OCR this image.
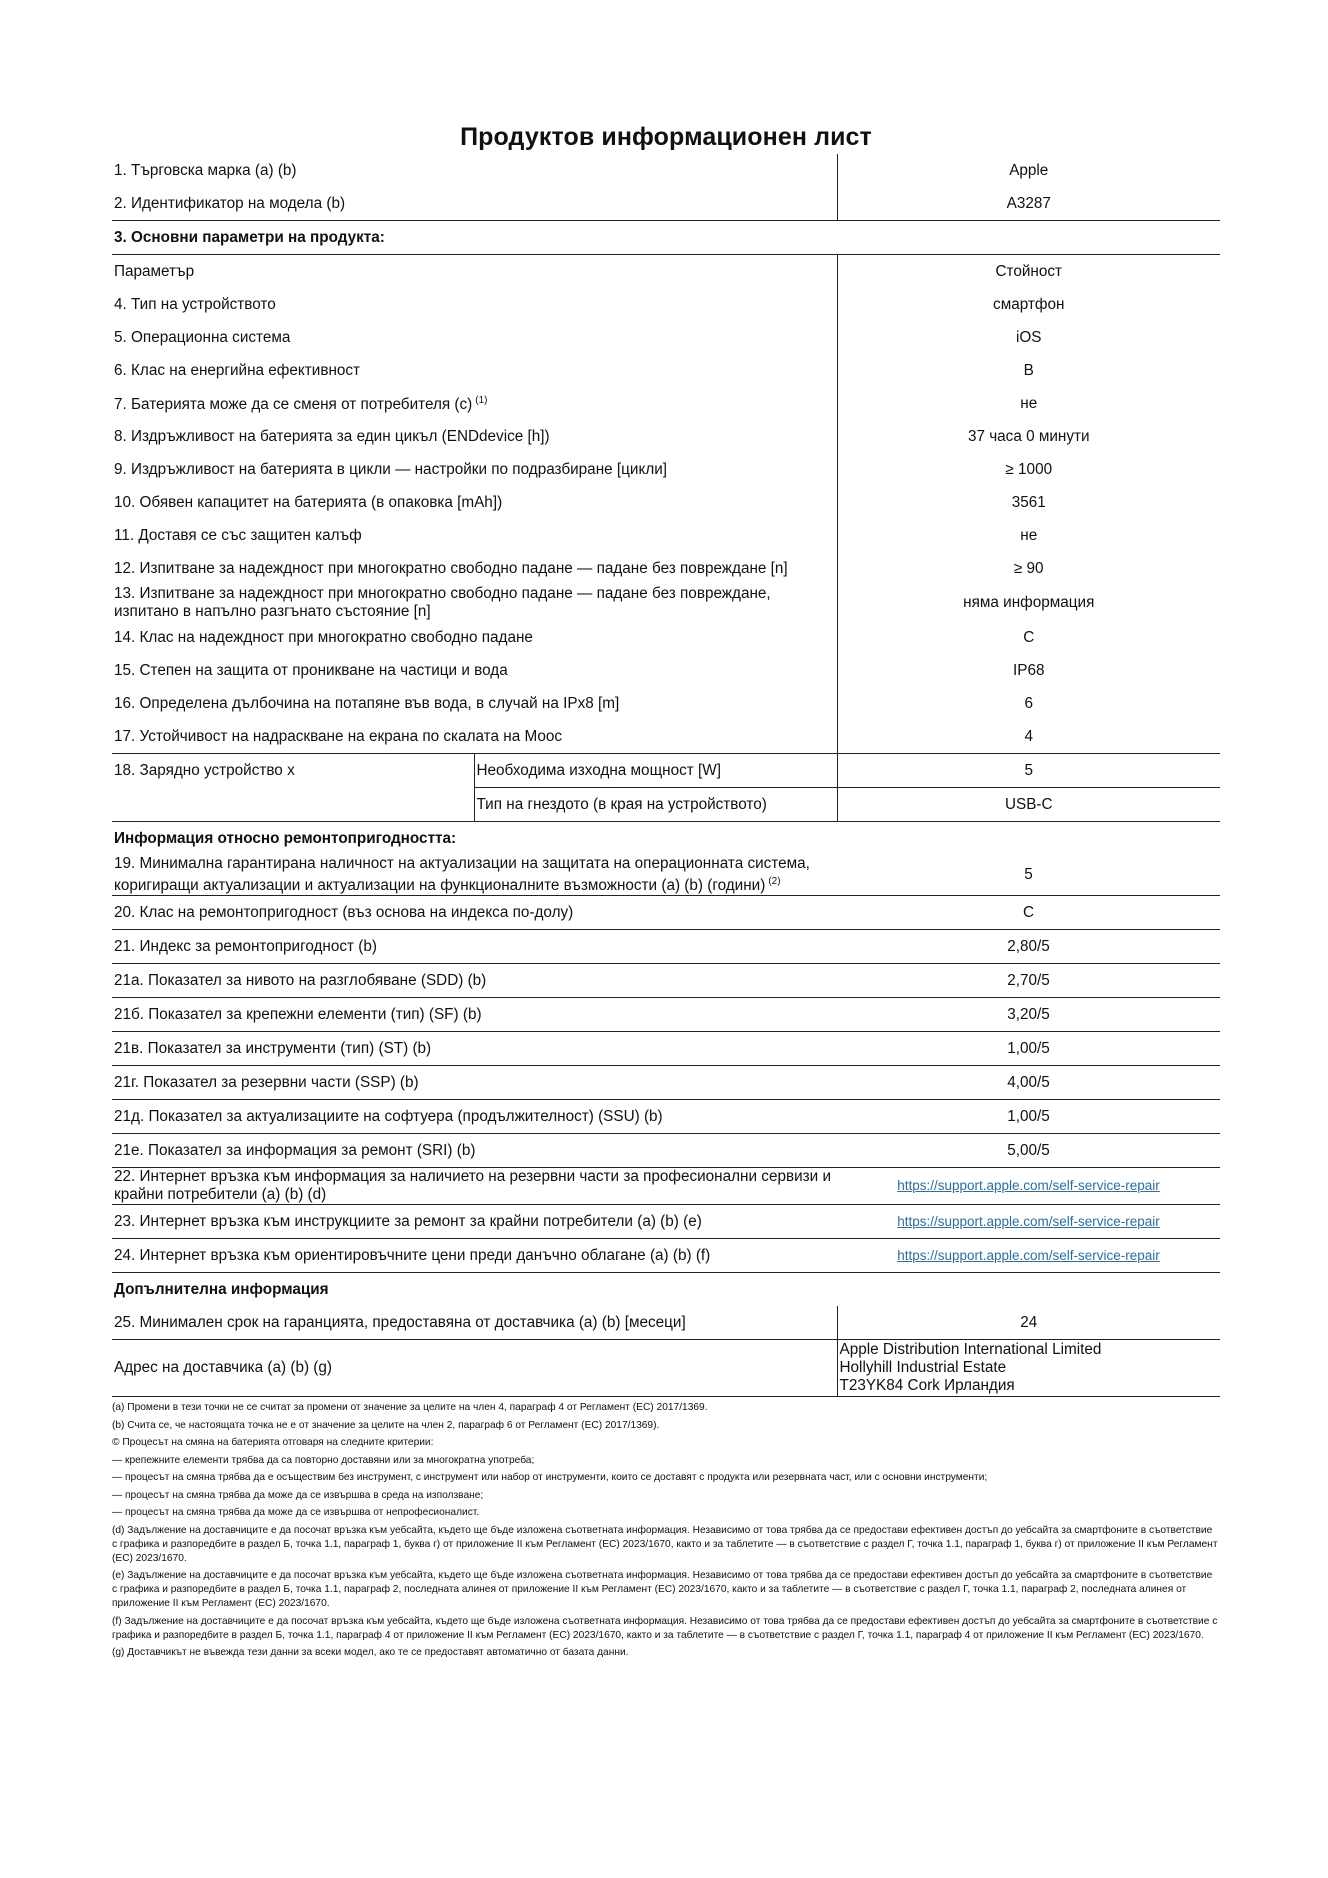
Продуктов информационен лист
1. Търговска марка (a) (b)		Apple
2. Идентификатор на модела (b)		A3287
3. Основни параметри на продукта:		
Параметър		Стойност
4. Тип на устройството		смартфон
5. Операционна система		iOS
6. Клас на енергийна ефективност		B
7. Батерията може да се сменя от потребителя (c) $^{(1)}$		не
8. Издръжливост на батерията за един цикъл (ENDdevice [h])		37 часа 0 минути
9. Издръжливост на батерията в цикли — настройки по подразбиране [цикли]		≥ 1000
10. Обявен капацитет на батерията (в опаковка [mAh])		3561
11. Доставя се със защитен калъф		не
12. Изпитване за надеждност при многократно свободно падане — падане без повреждане [n]		≥ 90
13. Изпитване за надеждност при многократно свободно падане — падане без повреждане, изпитано в напълно разгънато състояние [n]		няма информация
14. Клас на надеждност при многократно свободно падане		C
15. Степен на защита от проникване на частици и вода		IP68
16. Определена дълбочина на потапяне във вода, в случай на IPx8 [m]		6
17. Устойчивост на надраскване на екрана по скалата на Моос		4
18. Зарядно устройство x	Необходима изходна мощност [W]	5
	Тип на гнездото (в края на устройството)	USB-C
Информация относно ремонтопригодността:		
19. Минимална гарантирана наличност на актуализации на защитата на операционната система, коригиращи актуализации и актуализации на функционалните възможности (a) (b) (години) $^{(2)}$		5
20. Клас на ремонтопригодност (въз основа на индекса по-долу)		C
21. Индекс за ремонтопригодност (b)		2,80/5
21а. Показател за нивото на разглобяване (SDD) (b)		2,70/5
21б. Показател за крепежни елементи (тип) (SF) (b)		3,20/5
21в. Показател за инструменти (тип) (ST) (b)		1,00/5
21г. Показател за резервни части (SSP) (b)		4,00/5
21д. Показател за актуализациите на софтуера (продължителност) (SSU) (b)		1,00/5
21е. Показател за информация за ремонт (SRI) (b)		5,00/5
22. Интернет връзка към информация за наличието на резервни части за професионални сервизи и крайни потребители (a) (b) (d)		https://support.apple.com/self-service-repair
23. Интернет връзка към инструкциите за ремонт за крайни потребители (a) (b) (e)		https://support.apple.com/self-service-repair
24. Интернет връзка към ориентировъчните цени преди данъчно облагане (a) (b) (f)		https://support.apple.com/self-service-repair
Допълнителна информация		
25. Минимален срок на гаранцията, предоставяна от доставчика (a) (b) [месеци]		24
Адрес на доставчика (a) (b) (g)		Apple Distribution International Limited
Hollyhill Industrial Estate
T23YK84 Cork Ирландия

(a) Промени в тези точки не се считат за промени от значение за целите на член 4, параграф 4 от Регламент (ЕС) 2017/1369.

(b) Счита се, че настоящата точка не е от значение за целите на член 2, параграф 6 от Регламент (ЕС) 2017/1369).

© Процесът на смяна на батерията отговаря на следните критерии:

— крепежните елементи трябва да са повторно доставяни или за многократна употреба;

— процесът на смяна трябва да е осъществим без инструмент, с инструмент или набор от инструменти, които се доставят с продукта или резервната част, или с основни инструменти;

— процесът на смяна трябва да може да се извършва в среда на използване;

— процесът на смяна трябва да може да се извършва от непрофесионалист.

(d) Задължение на доставчиците е да посочат връзка към уебсайта, където ще бъде изложена съответната информация. Независимо от това трябва да се предостави ефективен достъп до уебсайта за смартфоните в съответствие с графика и разпоредбите в раздел Б, точка 1.1, параграф 1, буква г) от приложение II към Регламент (ЕС) 2023/1670, както и за таблетите — в съответствие с раздел Г, точка 1.1, параграф 1, буква г) от приложение II към Регламент (ЕС) 2023/1670.

(e) Задължение на доставчиците е да посочат връзка към уебсайта, където ще бъде изложена съответната информация. Независимо от това трябва да се предостави ефективен достъп до уебсайта за смартфоните в съответствие с графика и разпоредбите в раздел Б, точка 1.1, параграф 2, последната алинея от приложение II към Регламент (ЕС) 2023/1670, както и за таблетите — в съответствие с раздел Г, точка 1.1, параграф 2, последната алинея от приложение II към Регламент (ЕС) 2023/1670.

(f) Задължение на доставчиците е да посочат връзка към уебсайта, където ще бъде изложена съответната информация. Независимо от това трябва да се предостави ефективен достъп до уебсайта за смартфоните в съответствие с графика и разпоредбите в раздел Б, точка 1.1, параграф 4 от приложение II към Регламент (ЕС) 2023/1670, както и за таблетите — в съответствие с раздел Г, точка 1.1, параграф 4 от приложение II към Регламент (ЕС) 2023/1670.

(g) Доставчикът не въвежда тези данни за всеки модел, ако те се предоставят автоматично от базата данни.
